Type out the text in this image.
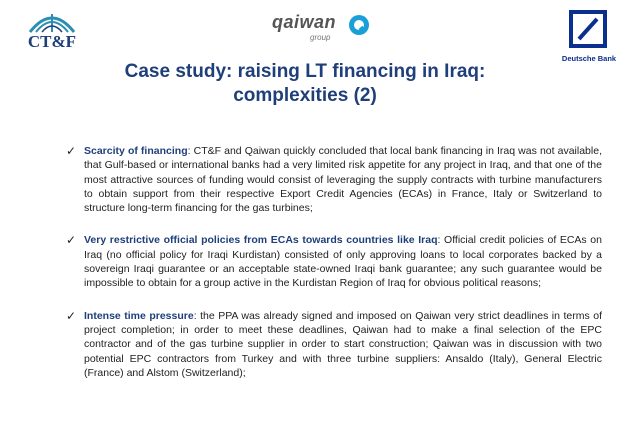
CT&F
qaiwan
group
Deutsche Bank
Case study: raising LT financing in Iraq:
complexities (2)
✓ Scarcity of financing: CT&F and Qaiwan quickly concluded that local bank financing in Iraq was not available, that Gulf-based or international banks had a very limited risk appetite for any project in Iraq, and that one of the most attractive sources of funding would consist of leveraging the supply contracts with turbine manufacturers to obtain support from their respective Export Credit Agencies (ECAs) in France, Italy or Switzerland to structure long-term financing for the gas turbines;

✓ Very restrictive official policies from ECAs towards countries like Iraq: Official credit policies of ECAs on Iraq (no official policy for Iraqi Kurdistan) consisted of only approving loans to local corporates backed by a sovereign Iraqi guarantee or an acceptable state-owned Iraqi bank guarantee; any such guarantee would be impossible to obtain for a group active in the Kurdistan Region of Iraq for obvious political reasons;

✓ Intense time pressure: the PPA was already signed and imposed on Qaiwan very strict deadlines in terms of project completion; in order to meet these deadlines, Qaiwan had to make a final selection of the EPC contractor and of the gas turbine supplier in order to start construction; Qaiwan was in discussion with two potential EPC contractors from Turkey and with three turbine suppliers: Ansaldo (Italy), General Electric (France) and Alstom (Switzerland);
